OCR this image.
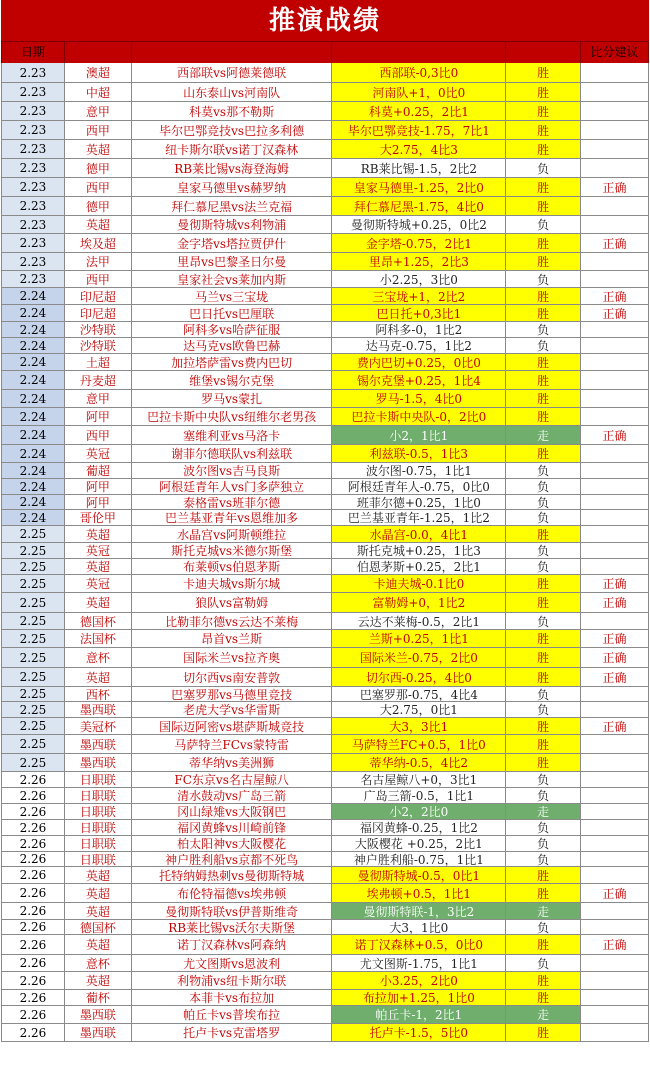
推演战绩
日期	赛事类型	对阵	赛果、建议方向	数据（附加） 比分建议
2.23	澳超	西部联vs阿德莱德联	西部联-0,3比0	胜
2.23	中超	山东泰山vs河南队	河南队+1，0比0	胜
2.23	意甲	科莫vs那不勒斯	科莫+0.25，2比1	胜
2.23	西甲	毕尔巴鄂竞技vs巴拉多利德	毕尔巴鄂竞技-1.75，7比1	胜
2.23	英超	纽卡斯尔联vs诺丁汉森林	大2.75，4比3	胜
2.23	德甲	RB莱比锡vs海登海姆	RB莱比锡-1.5，2比2	负
2.23	西甲	皇家马德里vs赫罗纳	皇家马德里-1.25，2比0	胜	正确
2.23	德甲	拜仁慕尼黑vs法兰克福	拜仁慕尼黑-1.75，4比0	胜
2.23	英超	曼彻斯特城vs利物浦	曼彻斯特城+0.25，0比2	负
2.23	埃及超	金字塔vs塔拉贾伊什	金字塔-0.75，2比1	胜	正确
2.23	法甲	里昂vs巴黎圣日尔曼	里昂+1.25，2比3	胜
2.23	西甲	皇家社会vs莱加内斯	小2.25，3比0	负
2.24	印尼超	马兰vs三宝垅	三宝垅+1，2比2	胜	正确
2.24	印尼超	巴日托vs巴厘联	巴日托+0,3比1	胜	正确
2.24	沙特联	阿科多vs哈萨征服	阿科多-0，1比2	负
2.24	沙特联	达马克vs欧鲁巴赫	达马克-0.75，1比2	负
2.24	土超	加拉塔萨雷vs费内巴切	费内巴切+0.25，0比0	胜
2.24	丹麦超	维堡vs锡尔克堡	锡尔克堡+0.25，1比4	胜
2.24	意甲	罗马vs蒙扎	罗马-1.5，4比0	胜
2.24	阿甲	巴拉卡斯中央队vs纽维尔老男孩	巴拉卡斯中央队-0，2比0	胜
2.24	西甲	塞维利亚vs马洛卡	小2，1比1	走	正确
2.24	英冠	谢菲尔德联队vs利兹联	利兹联-0.5，1比3	胜
2.24	葡超	波尔图vs吉马良斯	波尔图-0.75，1比1	负
2.24	阿甲	阿根廷青年人vs门多萨独立	阿根廷青年人-0.75，0比0	负
2.24	阿甲	泰格雷vs班菲尔德	班菲尔德+0.25，1比0	负
2.24	哥伦甲	巴兰基亚青年vs恩维加多	巴兰基亚青年-1.25，1比2	负
2.25	英超	水晶宫vs阿斯顿维拉	水晶宫-0.0，4比1	胜
2.25	英冠	斯托克城vs米德尔斯堡	斯托克城+0.25，1比3	负
2.25	英超	布莱顿vs伯恩茅斯	伯恩茅斯+0.25，2比1	负
2.25	英冠	卡迪夫城vs斯尔城	卡迪夫城-0.1比0	胜	正确
2.25	英超	狼队vs富勒姆	富勒姆+0，1比2	胜	正确
2.25	德国杯	比勒菲尔德vs云达不莱梅	云达不莱梅-0.5，2比1	负
2.25	法国杯	昂首vs兰斯	兰斯+0.25，1比1	胜	正确
2.25	意杯	国际米兰vs拉齐奥	国际米兰-0.75，2比0	胜	正确
2.25	英超	切尔西vs南安普敦	切尔西-0.25，4比0	胜	正确
2.25	西杯	巴塞罗那vs马德里竞技	巴塞罗那-0.75，4比4	负
2.25	墨西联	老虎大学vs华雷斯	大2.75，0比1	负
2.25	美冠杯	国际迈阿密vs堪萨斯城竞技	大3，3比1	胜	正确
2.25	墨西联	马萨特兰FCvs蒙特雷	马萨特兰FC+0.5，1比0	胜
2.25	墨西联	蒂华纳vs美洲狮	蒂华纳-0.5，4比2	胜
2.26	日职联	FC东京vs名古屋鲸八	名古屋鲸八+0，3比1	负
2.26	日职联	清水鼓动vs广岛三箭	广岛三箭-0.5，1比1	负
2.26	日职联	冈山绿雉vs大阪钢巴	小2，2比0	走
2.26	日职联	福冈黄蜂vs川崎前锋	福冈黄蜂-0.25，1比2	负
2.26	日职联	柏太阳神vs大阪樱花	大阪樱花 +0.25，2比1	负
2.26	日职联	神户胜利船vs京都不死鸟	神户胜利船-0.75，1比1	负
2.26	英超	托特纳姆热刺vs曼彻斯特城	曼彻斯特城-0.5，0比1	胜
2.26	英超	布伦特福德vs埃弗顿	埃弗顿+0.5，1比1	胜	正确
2.26	英超	曼彻斯特联vs伊普斯维奇	曼彻斯特联-1，3比2	走
2.26	德国杯	RB莱比锡vs沃尔夫斯堡	大3，1比0	负
2.26	英超	诺丁汉森林vs阿森纳	诺丁汉森林+0.5，0比0	胜	正确
2.26	意杯	尤文图斯vs恩波利	尤文图斯-1.75，1比1	负
2.26	英超	利物浦vs纽卡斯尔联	小3.25，2比0	胜
2.26	葡杯	本菲卡vs布拉加	布拉加+1.25，1比0	胜
2.26	墨西联	帕丘卡vs普埃布拉	帕丘卡-1，2比1	走
2.26	墨西联	托卢卡vs克雷塔罗	托卢卡-1.5，5比0	胜
